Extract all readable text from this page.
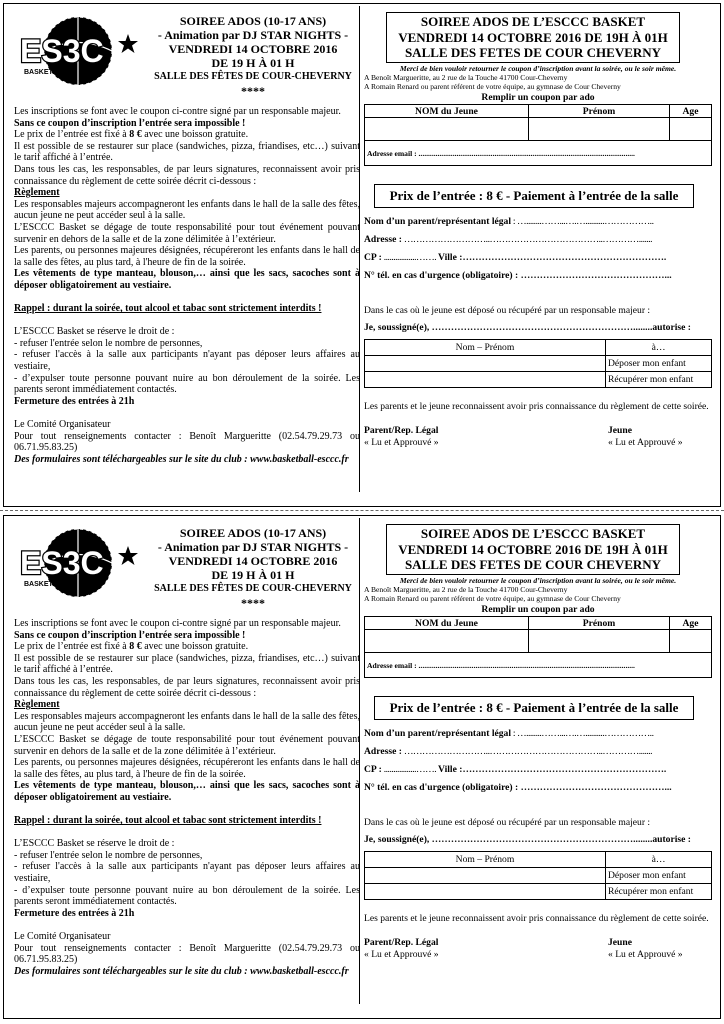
ES3C
BASKETBALL
SOIREE ADOS (10-17 ANS)
- Animation par DJ STAR NIGHTS -
VENDREDI 14 OCTOBRE 2016
DE 19 H À 01 H
SALLE DES FÊTES DE COUR-CHEVERNY
****

Les inscriptions se font avec le coupon ci-contre signé par un responsable majeur.

Sans ce coupon d’inscription l’entrée sera impossible !

Le prix de l’entrée est fixé à 8 € avec une boisson gratuite.

Il est possible de se restaurer sur place (sandwiches, pizza, friandises, etc…) suivant le tarif affiché à l’entrée.

Dans tous les cas, les responsables, de par leurs signatures, reconnaissent avoir pris connaissance du règlement de cette soirée décrit ci-dessous :

Règlement

Les responsables majeurs accompagneront les enfants dans le hall de la salle des fêtes, aucun jeune ne peut accéder seul à la salle.

L’ESCCC Basket se dégage de toute responsabilité pour tout événement pouvant survenir en dehors de la salle et de la zone délimitée à l’extérieur.

Les parents, ou personnes majeures désignées, récupéreront les enfants dans le hall de la salle des fêtes, au plus tard, à l'heure de fin de la soirée.

Les vêtements de type manteau, blouson,… ainsi que les sacs, sacoches sont à déposer obligatoirement au vestiaire.

Rappel : durant la soirée, tout alcool et tabac sont strictement interdits !

L’ESCCC Basket se réserve le droit de :

- refuser l'entrée selon le nombre de personnes,

- refuser l'accès à la salle aux participants n'ayant pas déposer leurs affaires au vestiaire,

- d’expulser toute personne pouvant nuire au bon déroulement de la soirée. Les parents seront immédiatement contactés.

Fermeture des entrées à 21h

Le Comité Organisateur

Pour tout renseignements contacter : Benoît Margueritte (02.54.79.29.73 ou 06.71.95.83.25)

Des formulaires sont téléchargeables sur le site du club : www.basketball-esccc.fr

SOIREE ADOS DE L’ESCCC BASKET
VENDREDI 14 OCTOBRE 2016 DE 19H À 01H
SALLE DES FETES DE COUR CHEVERNY
Merci de bien vouloir retourner le coupon d’inscription avant la soirée, ou le soir même.
A Benoît Margueritte, au 2 rue de la Touche 41700 Cour-Cheverny
A Romain Renard ou parent référent de votre équipe, au gymnase de Cour Cheverny
Remplir un coupon par ado
NOM du Jeune	Prénom	Age

Adresse email : ..................................................................................................................		
Prix de l’entrée : 8 € - Paiement à l’entrée de la salle
Nom d’un parent/représentant légal : …........……...….…..........……………..
Adresse : ………………………..………………………………..………….......
CP : .................……. Ville :……………………………………………………….
N° tél. en cas d'urgence (obligatoire) : ………………………………………...
Dans le cas où le jeune est déposé ou récupéré par un responsable majeur :
Je, soussigné(e), ………………………………………………………........autorise :
Nom – Prénom	à…
	Déposer mon enfant
	Récupérer mon enfant
Les parents et le jeune reconnaissent avoir pris connaissance du règlement de cette soirée.
Parent/Rep. Légal
« Lu et Approuvé »
Jeune
« Lu et Approuvé »
ES3C
BASKETBALL
SOIREE ADOS (10-17 ANS)
- Animation par DJ STAR NIGHTS -
VENDREDI 14 OCTOBRE 2016
DE 19 H À 01 H
SALLE DES FÊTES DE COUR-CHEVERNY
****

Les inscriptions se font avec le coupon ci-contre signé par un responsable majeur.

Sans ce coupon d’inscription l’entrée sera impossible !

Le prix de l’entrée est fixé à 8 € avec une boisson gratuite.

Il est possible de se restaurer sur place (sandwiches, pizza, friandises, etc…) suivant le tarif affiché à l’entrée.

Dans tous les cas, les responsables, de par leurs signatures, reconnaissent avoir pris connaissance du règlement de cette soirée décrit ci-dessous :

Règlement

Les responsables majeurs accompagneront les enfants dans le hall de la salle des fêtes, aucun jeune ne peut accéder seul à la salle.

L’ESCCC Basket se dégage de toute responsabilité pour tout événement pouvant survenir en dehors de la salle et de la zone délimitée à l’extérieur.

Les parents, ou personnes majeures désignées, récupéreront les enfants dans le hall de la salle des fêtes, au plus tard, à l'heure de fin de la soirée.

Les vêtements de type manteau, blouson,… ainsi que les sacs, sacoches sont à déposer obligatoirement au vestiaire.

Rappel : durant la soirée, tout alcool et tabac sont strictement interdits !

L’ESCCC Basket se réserve le droit de :

- refuser l'entrée selon le nombre de personnes,

- refuser l'accès à la salle aux participants n'ayant pas déposer leurs affaires au vestiaire,

- d’expulser toute personne pouvant nuire au bon déroulement de la soirée. Les parents seront immédiatement contactés.

Fermeture des entrées à 21h

Le Comité Organisateur

Pour tout renseignements contacter : Benoît Margueritte (02.54.79.29.73 ou 06.71.95.83.25)

Des formulaires sont téléchargeables sur le site du club : www.basketball-esccc.fr

SOIREE ADOS DE L’ESCCC BASKET
VENDREDI 14 OCTOBRE 2016 DE 19H À 01H
SALLE DES FETES DE COUR CHEVERNY
Merci de bien vouloir retourner le coupon d’inscription avant la soirée, ou le soir même.
A Benoît Margueritte, au 2 rue de la Touche 41700 Cour-Cheverny
A Romain Renard ou parent référent de votre équipe, au gymnase de Cour Cheverny
Remplir un coupon par ado
NOM du Jeune	Prénom	Age

Adresse email : ..................................................................................................................		
Prix de l’entrée : 8 € - Paiement à l’entrée de la salle
Nom d’un parent/représentant légal : …........……...….…..........……………..
Adresse : ………………………..………………………………..………….......
CP : .................……. Ville :……………………………………………………….
N° tél. en cas d'urgence (obligatoire) : ………………………………………...
Dans le cas où le jeune est déposé ou récupéré par un responsable majeur :
Je, soussigné(e), ………………………………………………………........autorise :
Nom – Prénom	à…
	Déposer mon enfant
	Récupérer mon enfant
Les parents et le jeune reconnaissent avoir pris connaissance du règlement de cette soirée.
Parent/Rep. Légal
« Lu et Approuvé »
Jeune
« Lu et Approuvé »
